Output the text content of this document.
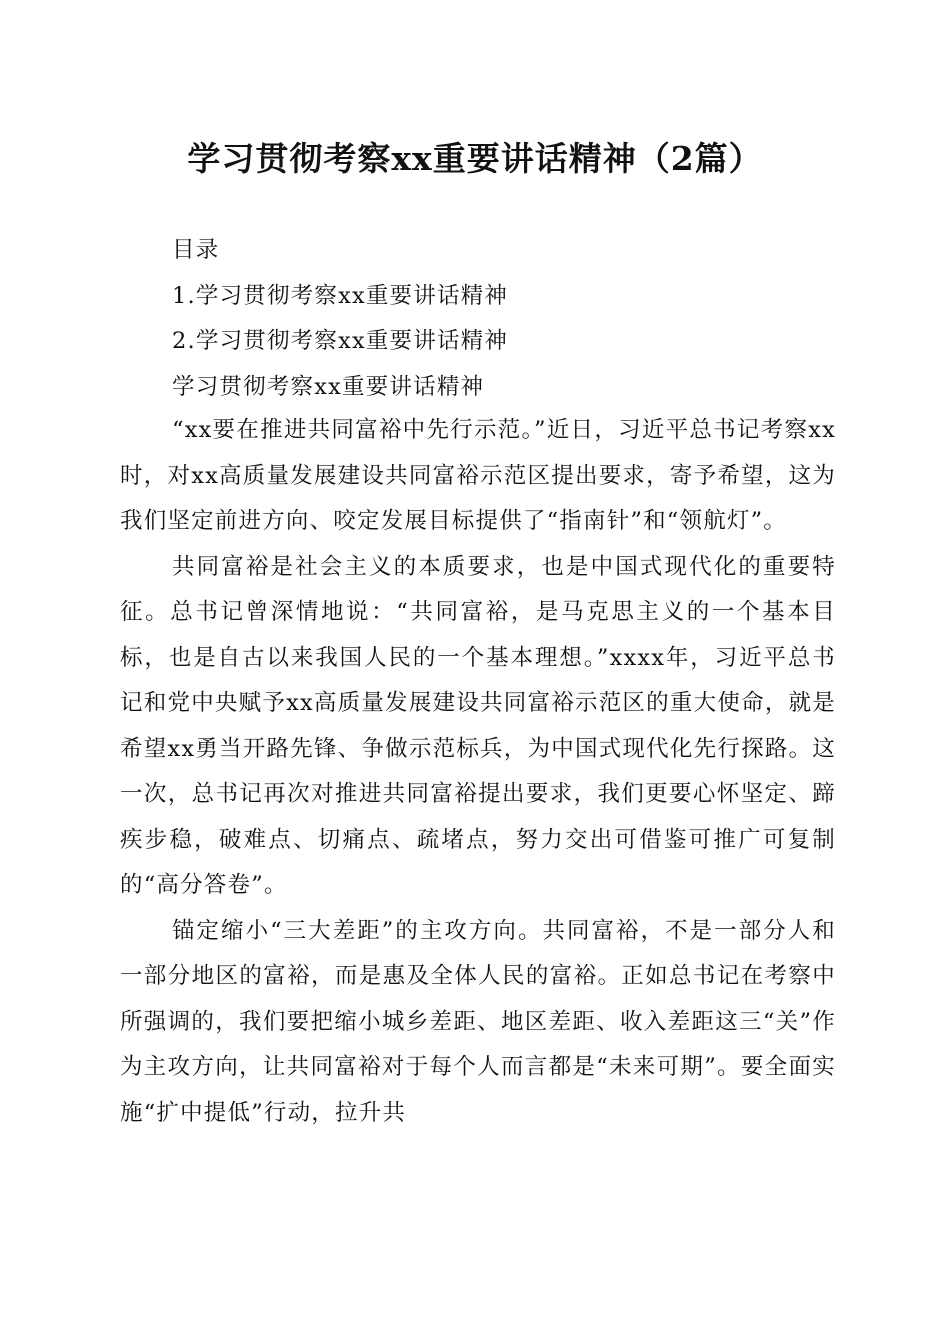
学习贯彻考察xx重要讲话精神（2篇）
目录
1.学习贯彻考察xx重要讲话精神
2.学习贯彻考察xx重要讲话精神
学习贯彻考察xx重要讲话精神

“xx要在推进共同富裕中先行示范。”近日，习近平总书记考察xx时，对xx高质量发展建设共同富裕示范区提出要求，寄予希望，这为我们坚定前进方向、咬定发展目标提供了“指南针”和“领航灯”。

共同富裕是社会主义的本质要求，也是中国式现代化的重要特征。总书记曾深情地说：“共同富裕，是马克思主义的一个基本目标，也是自古以来我国人民的一个基本理想。”xxxx年，习近平总书记和党中央赋予xx高质量发展建设共同富裕示范区的重大使命，就是希望xx勇当开路先锋、争做示范标兵，为中国式现代化先行探路。这一次，总书记再次对推进共同富裕提出要求，我们更要心怀坚定、蹄疾步稳，破难点、切痛点、疏堵点，努力交出可借鉴可推广可复制的“高分答卷”。

锚定缩小“三大差距”的主攻方向。共同富裕，不是一部分人和一部分地区的富裕，而是惠及全体人民的富裕。正如总书记在考察中所强调的，我们要把缩小城乡差距、地区差距、收入差距这三“关”作为主攻方向，让共同富裕对于每个人而言都是“未来可期”。要全面实施“扩中提低”行动，拉升共
